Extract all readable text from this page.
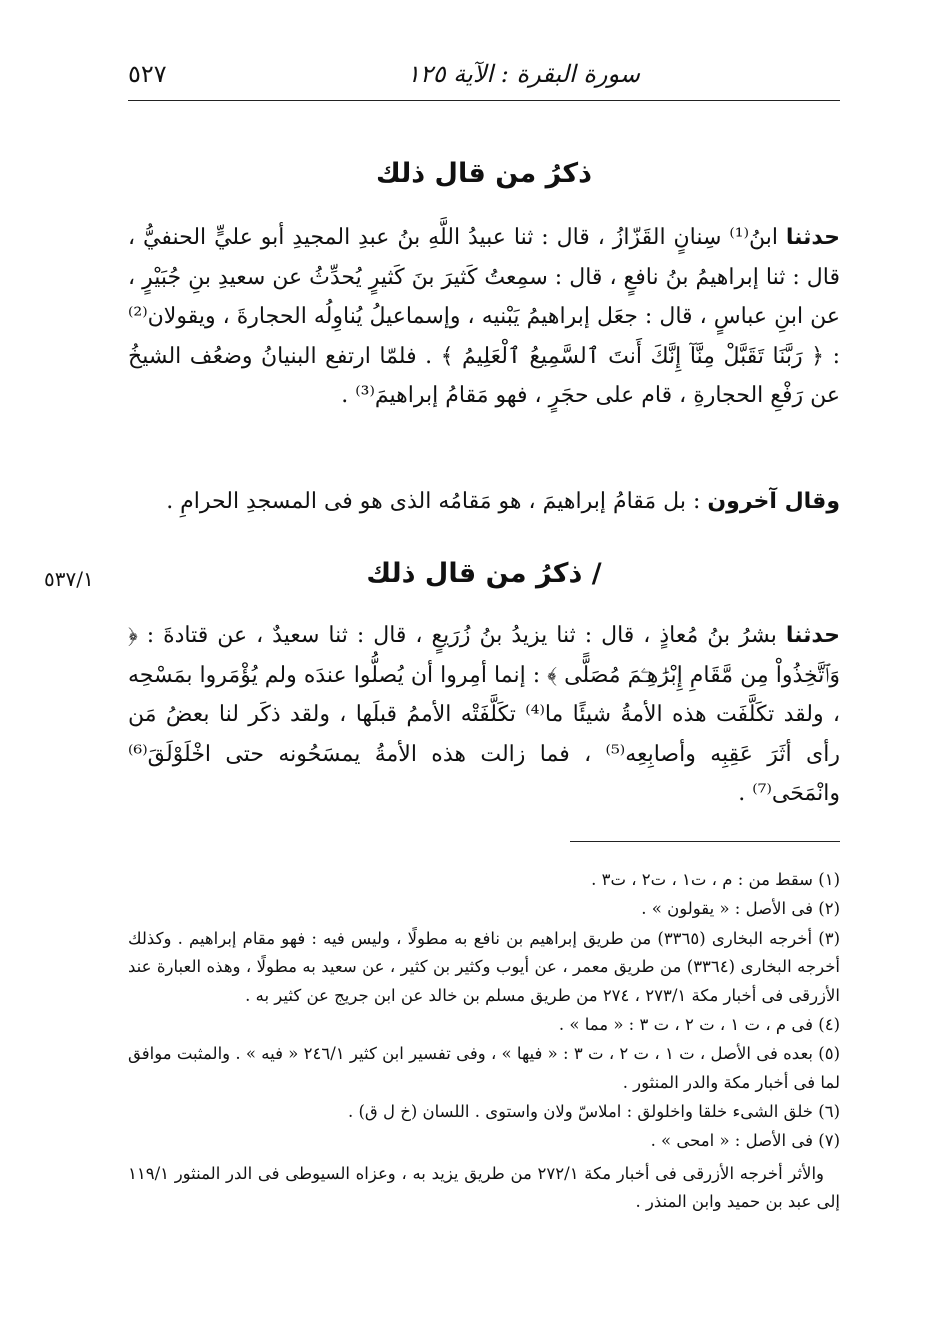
سورة البقرة : الآية ١٢٥
٥٢٧
ذكرُ من قال ذلك
حدثنا ابنُ⁽¹⁾ سِنانٍ القَزّازُ ، قال : ثنا عبيدُ اللَّهِ بنُ عبدِ المجيدِ أبو عليٍّ الحنفيُّ ، قال : ثنا إبراهيمُ بنُ نافعٍ ، قال : سمِعتُ كَثيرَ بنَ كَثيرٍ يُحدِّثُ عن سعيدِ بنِ جُبَيْرٍ ، عن ابنِ عباسٍ ، قال : جعَل إبراهيمُ يَبْنيه ، وإسماعيلُ يُناوِلُه الحجارةَ ، ويقولان⁽²⁾ : ﴿ رَبَّنَا تَقَبَّلْ مِنَّآ إِنَّكَ أَنتَ ٱلسَّمِيعُ ٱلْعَلِيمُ ﴾ . فلمّا ارتفع البنيانُ وضعُف الشيخُ عن رَفْعِ الحجارةِ ، قام على حجَرٍ ، فهو مَقامُ إبراهيمَ⁽³⁾ .
وقال آخرون : بل مَقامُ إبراهيمَ ، هو مَقامُه الذى هو فى المسجدِ الحرامِ .
/ ذكرُ من قال ذلك
٥٣٧/١
حدثنا بشرُ بنُ مُعاذٍ ، قال : ثنا يزيدُ بنُ زُرَيعٍ ، قال : ثنا سعيدٌ ، عن قتادةَ : ﴿ وَٱتَّخِذُواْ مِن مَّقَامِ إِبْرَٰهِـۧمَ مُصَلًّى ﴾ : إنما أمِروا أن يُصلُّوا عندَه ولم يُؤْمَروا بمَسْحِه ، ولقد تكَلَّفَت هذه الأمةُ شيئًا ما⁽⁴⁾ تكَلَّفَتْه الأممُ قبلَها ، ولقد ذكَر لنا بعضُ مَن رأى أثَرَ عَقِبِه وأصابِعِه⁽⁵⁾ ، فما زالت هذه الأمةُ يمسَحُونه حتى اخْلَوْلَقَ⁽⁶⁾ وانْمَحَى⁽⁷⁾ .
(١) سقط من : م ، ت١ ، ت٢ ، ت٣ .
(٢) فى الأصل : « يقولون » .
(٣) أخرجه البخارى (٣٣٦٥) من طريق إبراهيم بن نافع به مطولًا ، وليس فيه : فهو مقام إبراهيم . وكذلك أخرجه البخارى (٣٣٦٤) من طريق معمر ، عن أيوب وكثير بن كثير ، عن سعيد به مطولًا ، وهذه العبارة عند الأزرقى فى أخبار مكة ٢٧٣/١ ، ٢٧٤ من طريق مسلم بن خالد عن ابن جريج عن كثير به .
(٤) فى م ، ت ١ ، ت ٢ ، ت ٣ : « مما » .
(٥) بعده فى الأصل ، ت ١ ، ت ٢ ، ت ٣ : « فيها » ، وفى تفسير ابن كثير ٢٤٦/١ « فيه » . والمثبت موافق لما فى أخبار مكة والدر المنثور .
(٦) خلق الشىء خلقا واخلولق : املاسّ ولان واستوى . اللسان (خ ل ق) .
(٧) فى الأصل : « امحى » .
والأثر أخرجه الأزرقى فى أخبار مكة ٢٧٢/١ من طريق يزيد به ، وعزاه السيوطى فى الدر المنثور ١١٩/١ إلى عبد بن حميد وابن المنذر .
